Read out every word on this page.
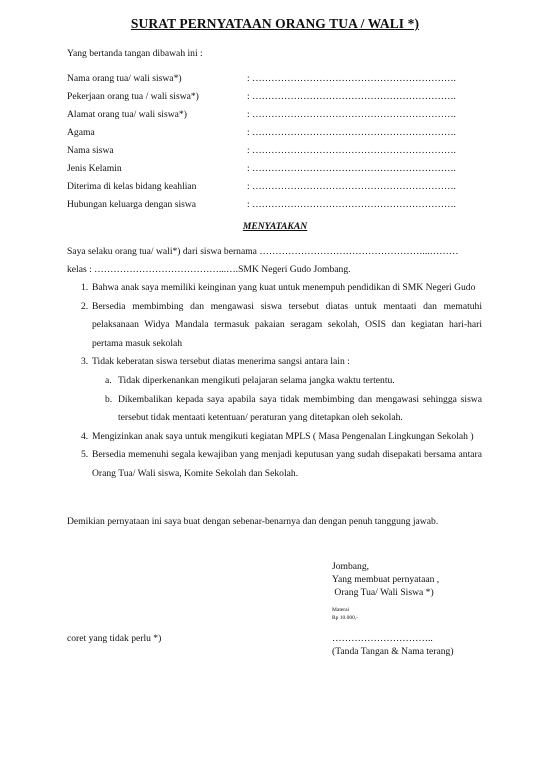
SURAT PERNYATAAN ORANG TUA / WALI *)
Yang bertanda tangan dibawah ini :
Nama orang tua/ wali siswa*)	: ……………………………………………………….
Pekerjaan orang tua / wali siswa*)	: ……………………………………………………….
Alamat orang tua/ wali siswa*)	: ……………………………………………………….
Agama	: ……………………………………………………….
Nama siswa	: ……………………………………………………….
Jenis Kelamin	: ……………………………………………………….
Diterima di kelas bidang keahlian	: ……………………………………………………….
Hubungan keluarga dengan siswa	: ……………………………………………………….
MENYATAKAN
Saya selaku orang tua/ wali*) dari siswa bernama ……………………………………………...………
kelas : …………………………………...….SMK Negeri Gudo Jombang.
1. Bahwa anak saya memiliki keinginan yang kuat untuk menempuh pendidikan di SMK Negeri Gudo
2. Bersedia membimbing dan mengawasi siswa tersebut diatas untuk mentaati dan mematuhi pelaksanaan Widya Mandala termasuk pakaian seragam sekolah, OSIS dan kegiatan hari-hari pertama masuk sekolah
3. Tidak keberatan siswa tersebut diatas menerima sangsi antara lain :
a. Tidak diperkenankan mengikuti pelajaran selama jangka waktu tertentu.
b. Dikembalikan kepada saya apabila saya tidak membimbing dan mengawasi sehingga siswa tersebut tidak mentaati ketentuan/ peraturan yang ditetapkan oleh sekolah.
4. Mengizinkan anak saya untuk mengikuti kegiatan MPLS ( Masa Pengenalan Lingkungan Sekolah )
5. Bersedia memenuhi segala kewajiban yang menjadi keputusan yang sudah disepakati bersama antara Orang Tua/ Wali siswa, Komite Sekolah dan Sekolah.
Demikian pernyataan ini saya buat dengan sebenar-benarnya dan dengan penuh tanggung jawab.
Jombang,
Yang membuat pernyataan ,
Orang Tua/ Wali Siswa *)
Materai
Rp 10.000,-
…………………………..
(Tanda Tangan & Nama terang)
coret yang tidak perlu *)
